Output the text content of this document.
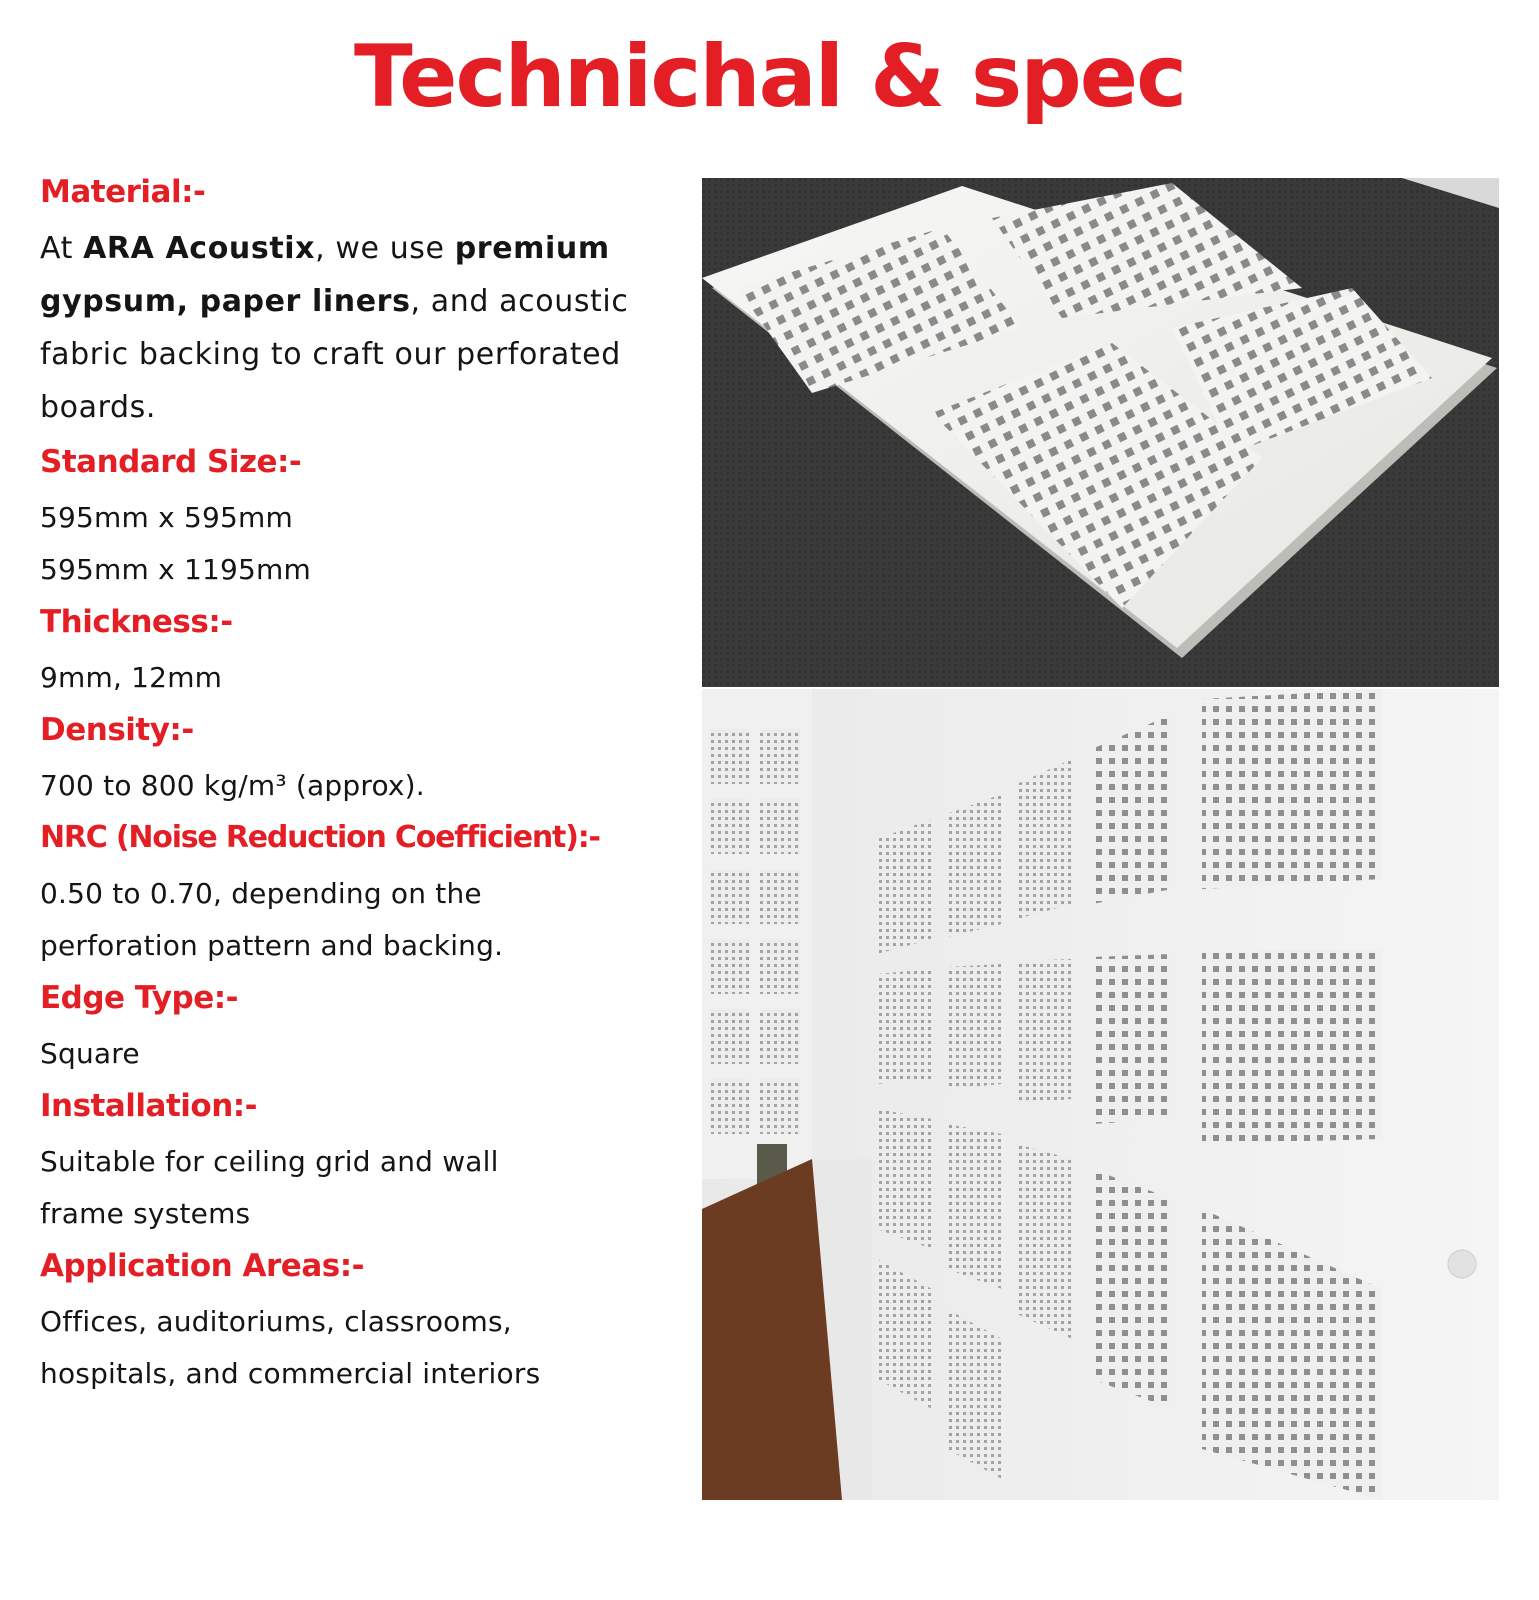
Technichal & spec
Material:-
At ARA Acoustix, we use premium gypsum, paper liners, and acoustic fabric backing to craft our perforated boards.
Standard Size:-
595mm x 595mm
595mm x 1195mm
Thickness:-
9mm, 12mm
Density:-
700 to 800 kg/m³ (approx).
NRC (Noise Reduction Coefficient):-
0.50 to 0.70, depending on the perforation pattern and backing.
Edge Type:-
Square
Installation:-
Suitable for ceiling grid and wall frame systems
Application Areas:-
Offices, auditoriums, classrooms, hospitals, and commercial interiors
